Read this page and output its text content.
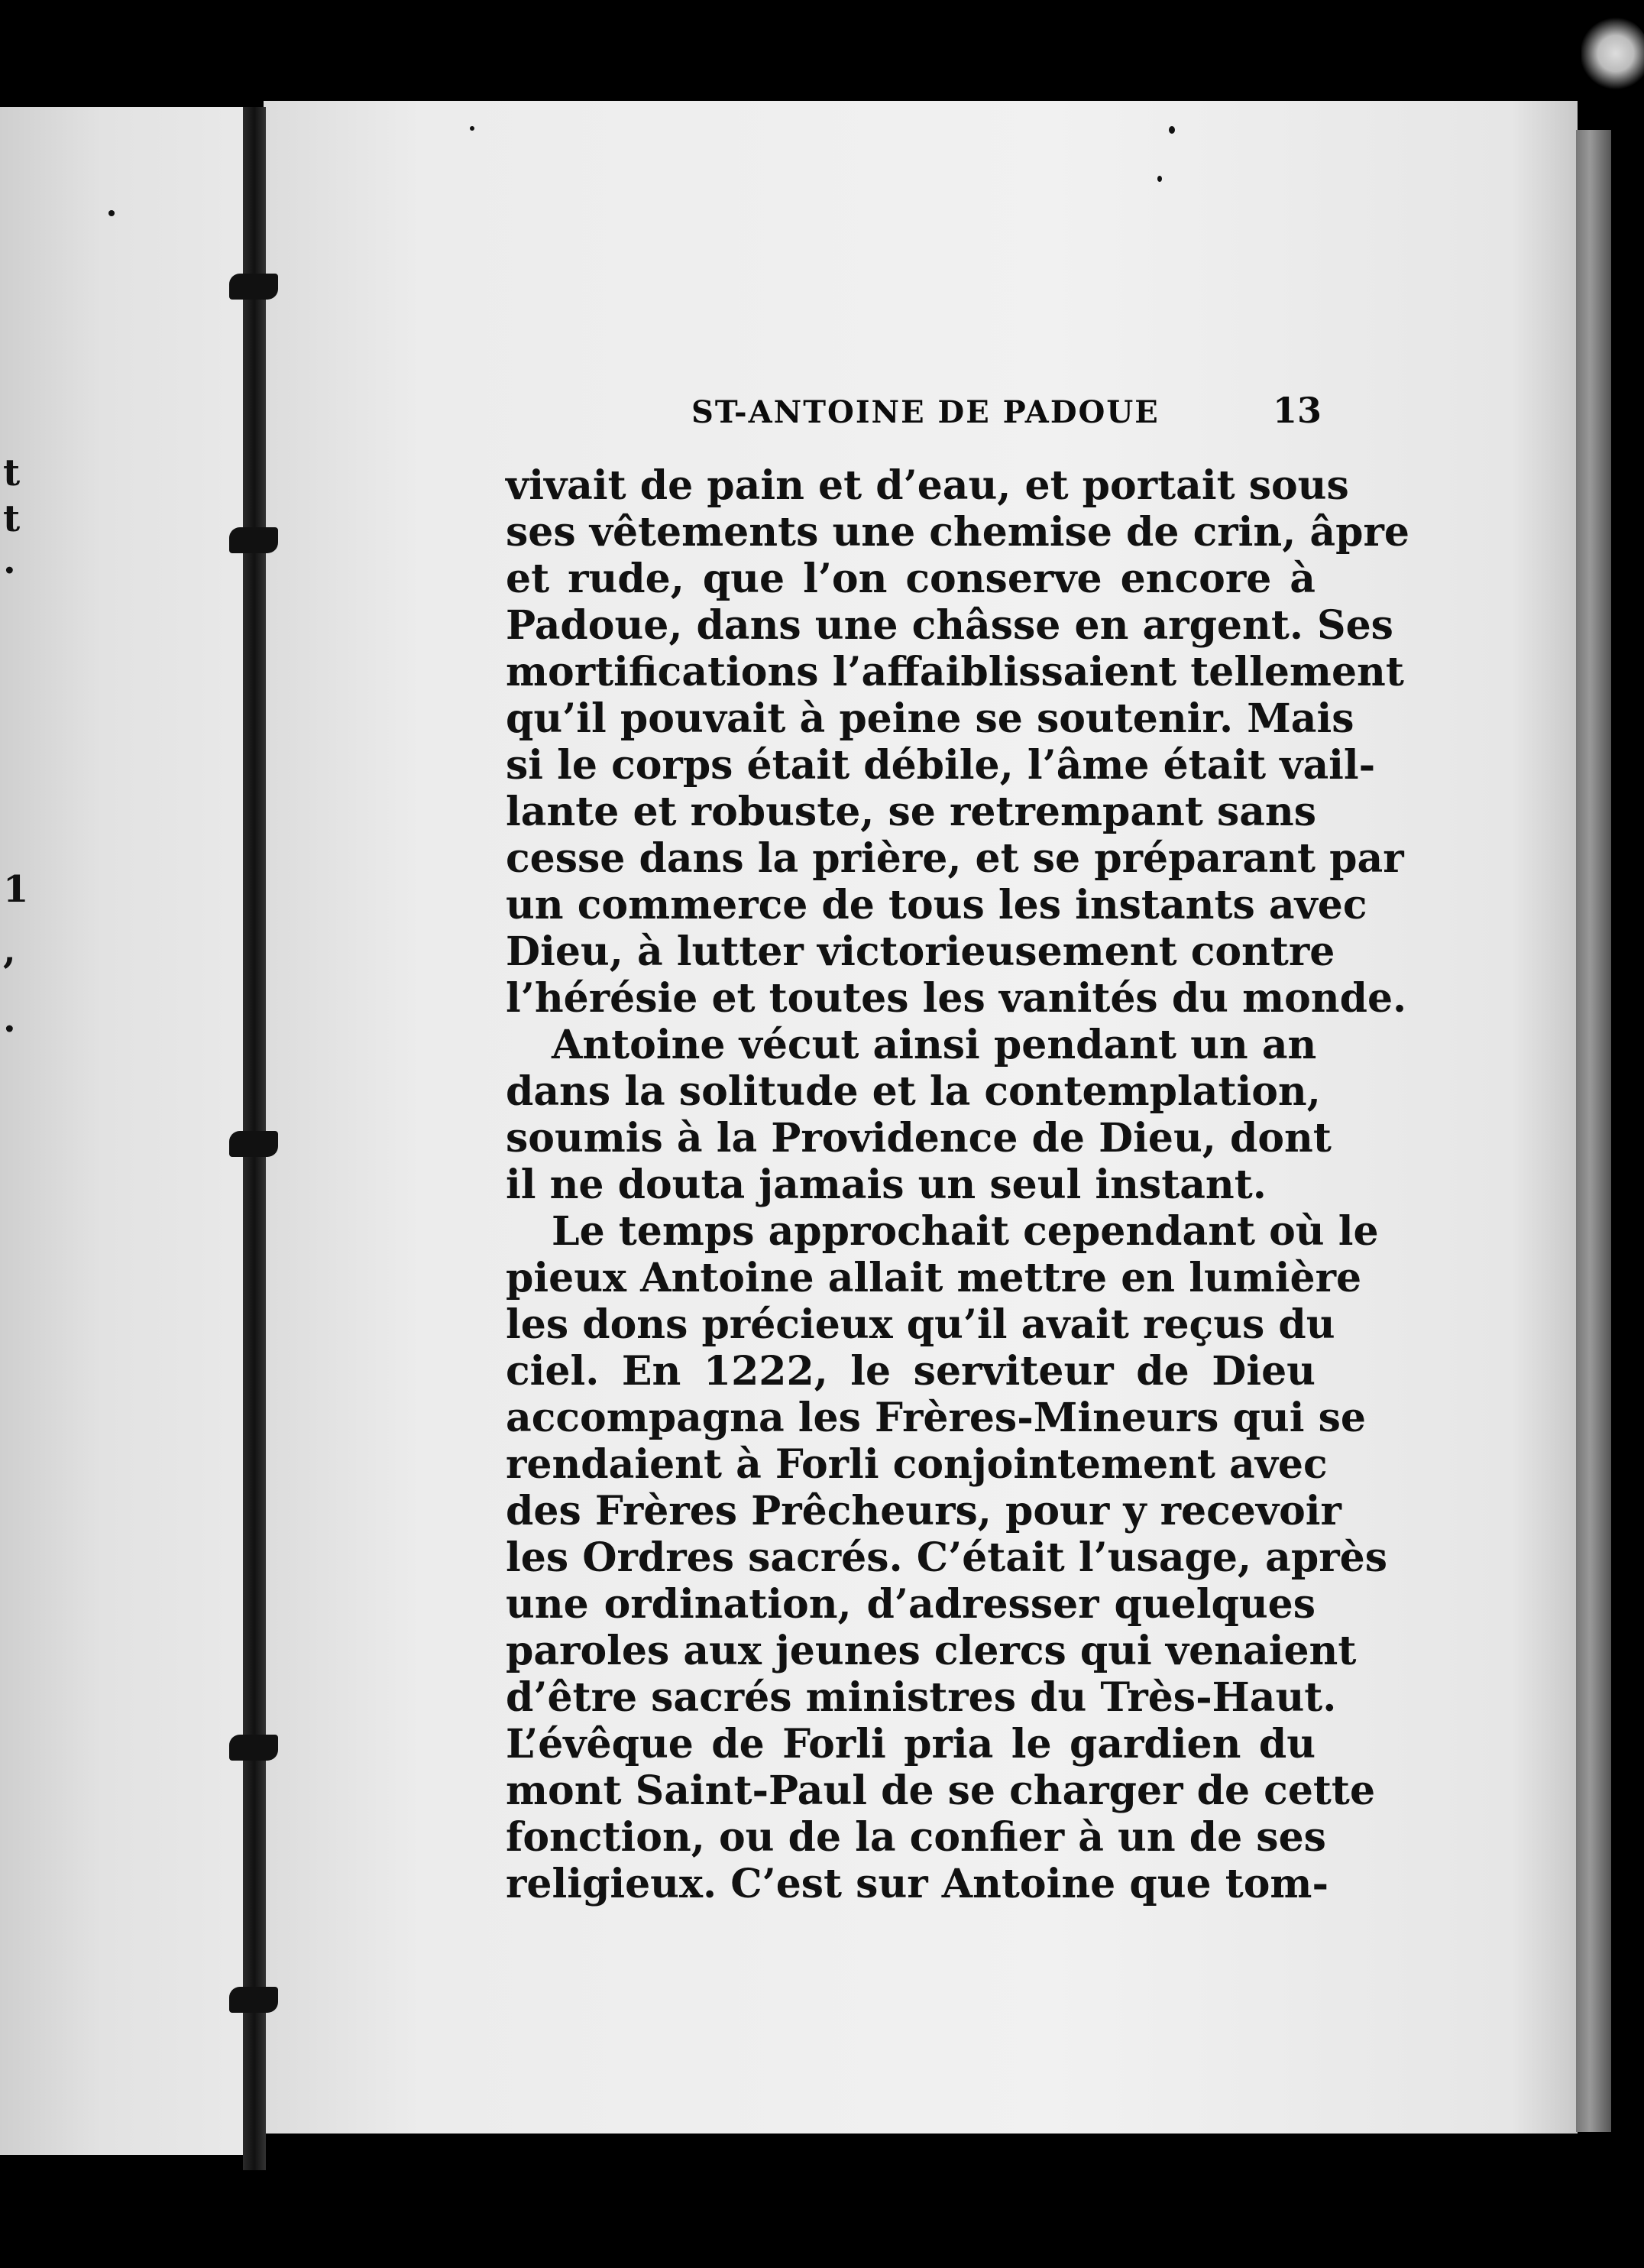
t
t
.
1
,
.
ST-ANTOINE DE PADOUE	13
vivait de pain et d’eau, et portait sous
ses vêtements une chemise de crin, âpre
et rude, que l’on conserve encore à
Padoue, dans une châsse en argent. Ses
mortifications l’affaiblissaient tellement
qu’il pouvait à peine se soutenir. Mais
si le corps était débile, l’âme était vail-
lante et robuste, se retrempant sans
cesse dans la prière, et se préparant par
un commerce de tous les instants avec
Dieu, à lutter victorieusement contre
l’hérésie et toutes les vanités du monde.
Antoine vécut ainsi pendant un an
dans la solitude et la contemplation,
soumis à la Providence de Dieu, dont
il ne douta jamais un seul instant.
Le temps approchait cependant où le
pieux Antoine allait mettre en lumière
les dons précieux qu’il avait reçus du
ciel. En 1222, le serviteur de Dieu
accompagna les Frères-Mineurs qui se
rendaient à Forli conjointement avec
des Frères Prêcheurs, pour y recevoir
les Ordres sacrés. C’était l’usage, après
une ordination, d’adresser quelques
paroles aux jeunes clercs qui venaient
d’être sacrés ministres du Très-Haut.
L’évêque de Forli pria le gardien du
mont Saint-Paul de se charger de cette
fonction, ou de la confier à un de ses
religieux. C’est sur Antoine que tom-
